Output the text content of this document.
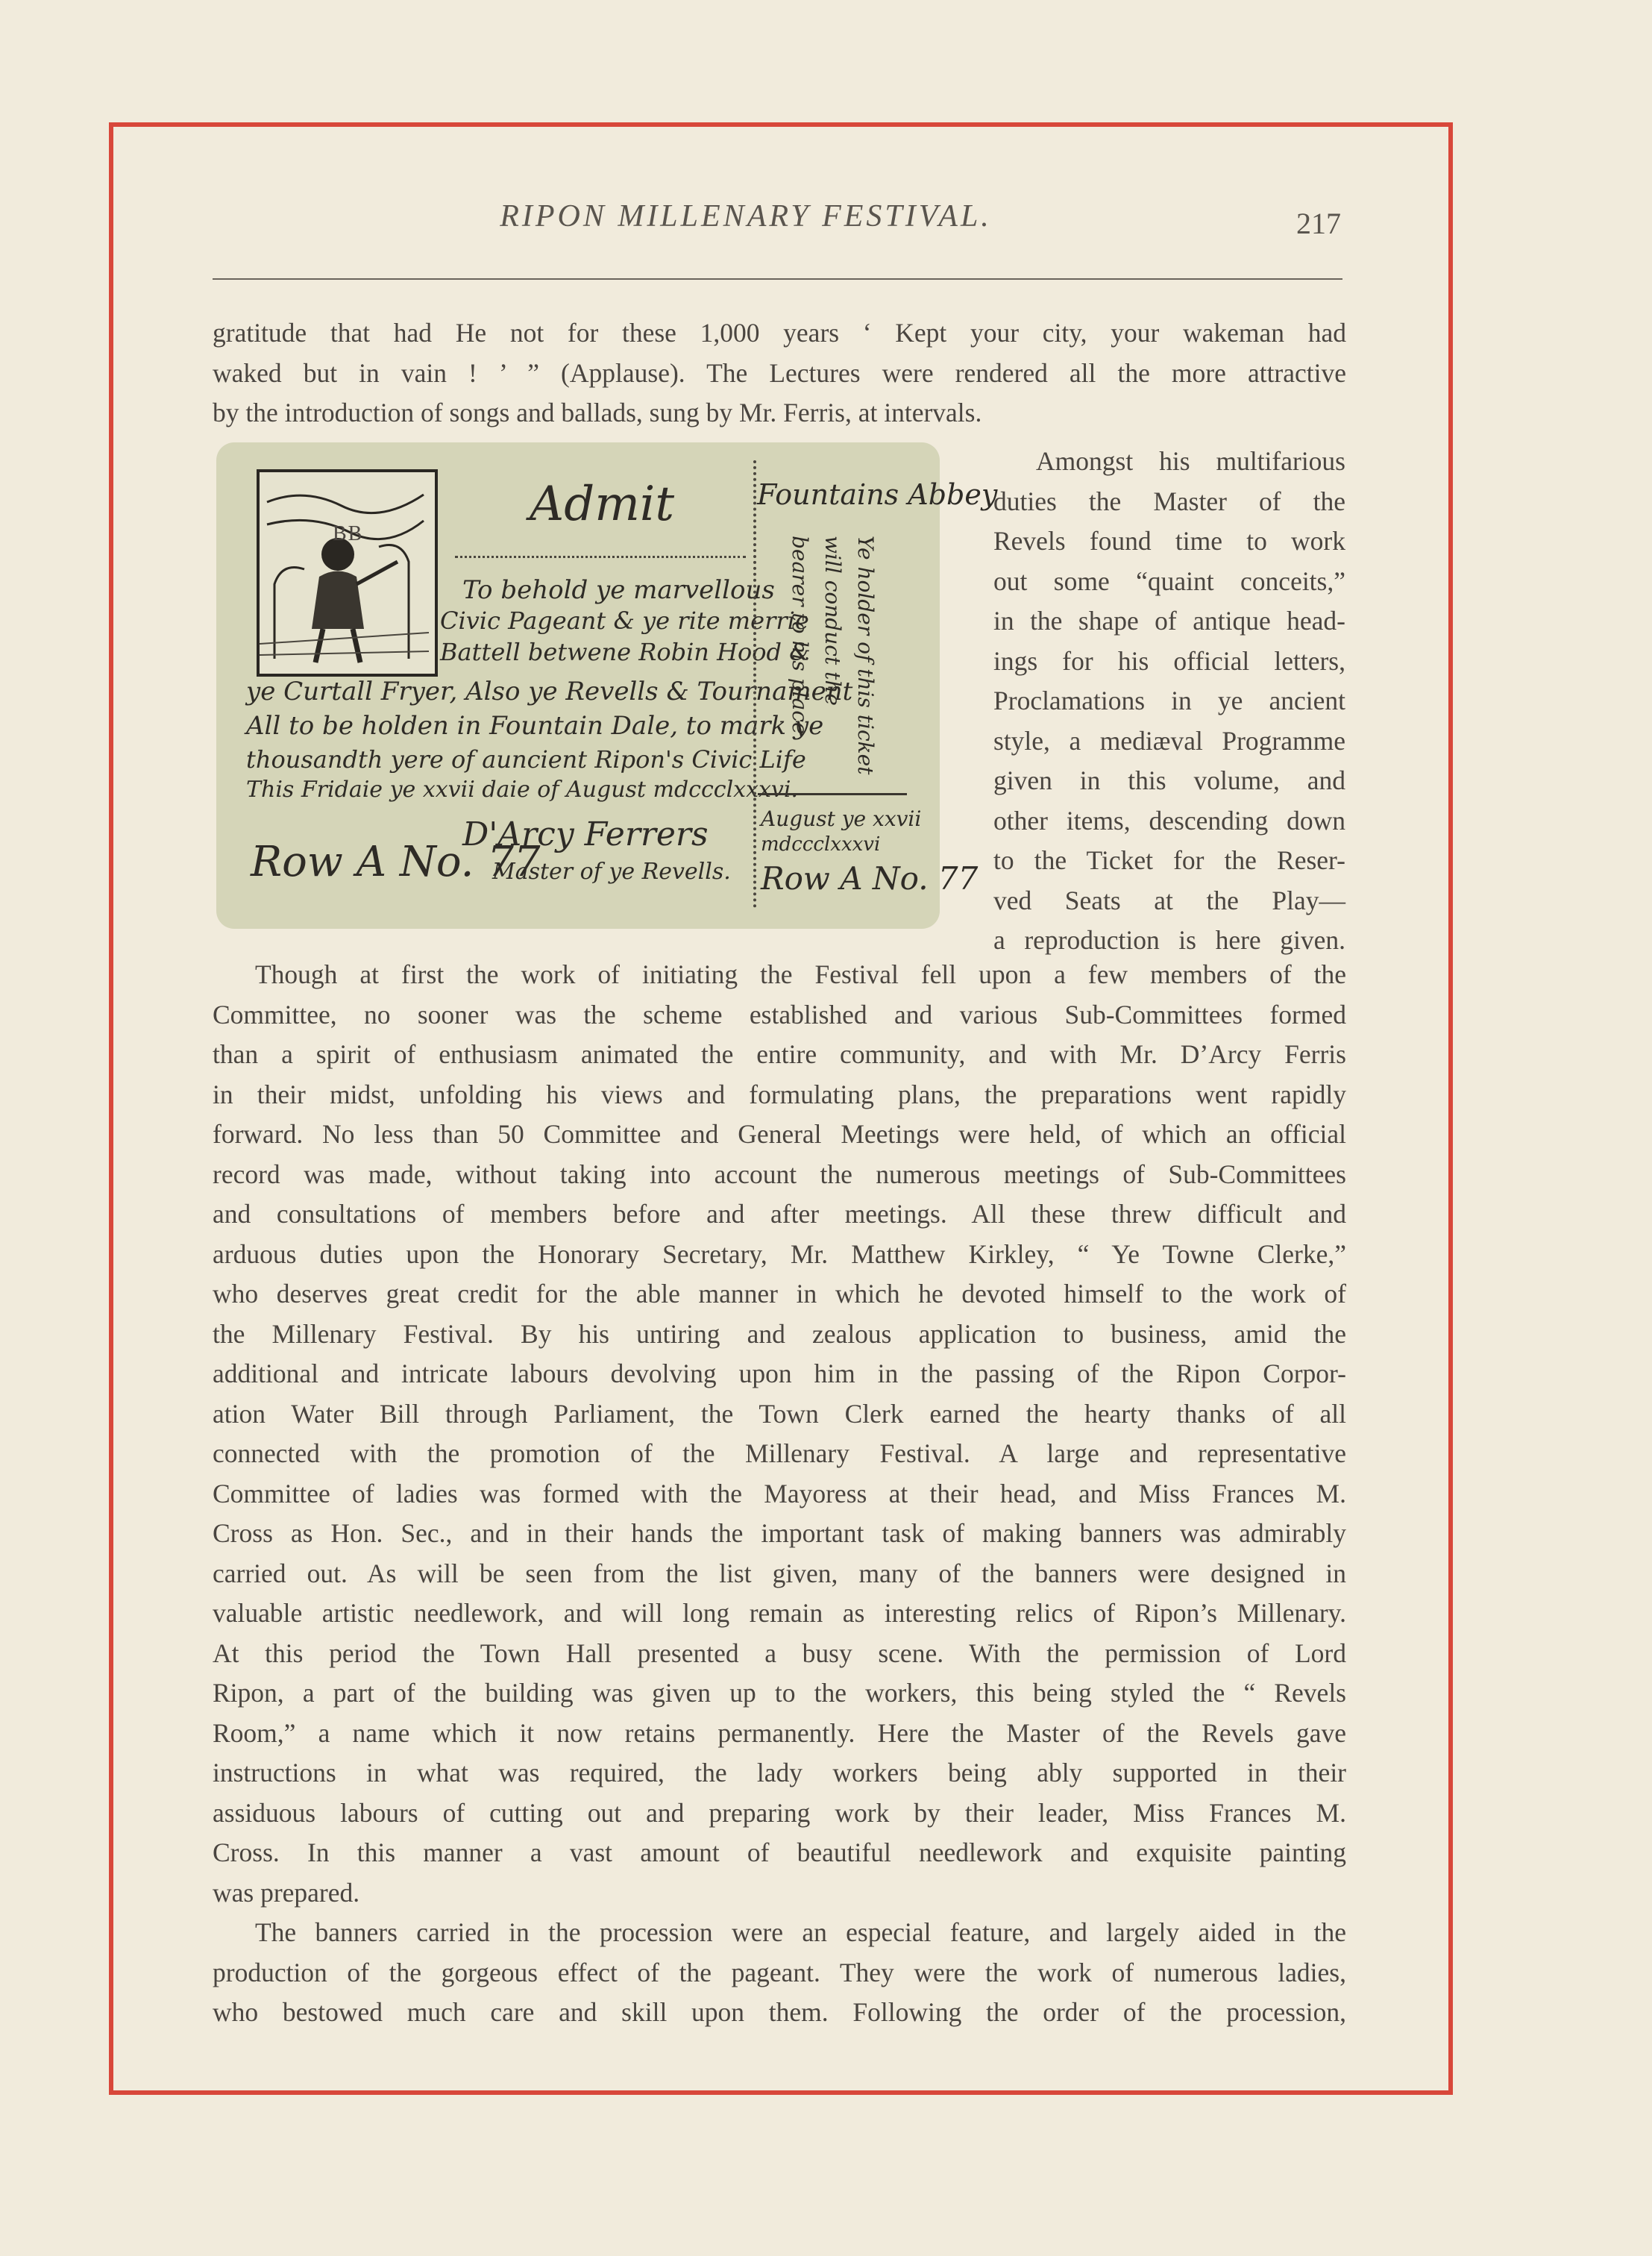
RIPON MILLENARY FESTIVAL.	217
gratitude that had He not for these 1,000 years ‘ Kept your city, your wakeman had
waked but in vain ! ’ ” (Applause). The Lectures were rendered all the more attractive
by the introduction of songs and ballads, sung by Mr. Ferris, at intervals.
Admit
To behold ye marvellous
Civic Pageant & ye rite merrie
Battell betwene Robin Hood &
ye Curtall Fryer, Also ye Revells & Tournament
All to be holden in Fountain Dale, to mark ye
thousandth yere of auncient Ripon's Civic Life
This Fridaie ye xxvii daie of August mdccclxxxvi.
D'Arcy Ferrers
Master of ye Revells.
Row A No. 77
Fountains Abbey
Ye holder of this ticket will conduct the bearer to his place.
August ye xxvii
mdccclxxxvi
Row A No. 77
Amongst his multifarious
duties the Master of the
Revels found time to work
out some “quaint conceits,”
in the shape of antique head-
ings for his official letters,
Proclamations in ye ancient
style, a mediæval Programme
given in this volume, and
other items, descending down
to the Ticket for the Reser-
ved Seats at the Play—
a reproduction is here given.
Though at first the work of initiating the Festival fell upon a few members of the
Committee, no sooner was the scheme established and various Sub-Committees formed
than a spirit of enthusiasm animated the entire community, and with Mr. D’Arcy Ferris
in their midst, unfolding his views and formulating plans, the preparations went rapidly
forward. No less than 50 Committee and General Meetings were held, of which an official
record was made, without taking into account the numerous meetings of Sub-Committees
and consultations of members before and after meetings. All these threw difficult and
arduous duties upon the Honorary Secretary, Mr. Matthew Kirkley, “ Ye Towne Clerke,”
who deserves great credit for the able manner in which he devoted himself to the work of
the Millenary Festival. By his untiring and zealous application to business, amid the
additional and intricate labours devolving upon him in the passing of the Ripon Corpor-
ation Water Bill through Parliament, the Town Clerk earned the hearty thanks of all
connected with the promotion of the Millenary Festival. A large and representative
Committee of ladies was formed with the Mayoress at their head, and Miss Frances M.
Cross as Hon. Sec., and in their hands the important task of making banners was admirably
carried out. As will be seen from the list given, many of the banners were designed in
valuable artistic needlework, and will long remain as interesting relics of Ripon’s Millenary.
At this period the Town Hall presented a busy scene. With the permission of Lord
Ripon, a part of the building was given up to the workers, this being styled the “ Revels
Room,” a name which it now retains permanently. Here the Master of the Revels gave
instructions in what was required, the lady workers being ably supported in their
assiduous labours of cutting out and preparing work by their leader, Miss Frances M.
Cross. In this manner a vast amount of beautiful needlework and exquisite painting
was prepared.
The banners carried in the procession were an especial feature, and largely aided in the
production of the gorgeous effect of the pageant. They were the work of numerous ladies,
who bestowed much care and skill upon them. Following the order of the procession,
BB
